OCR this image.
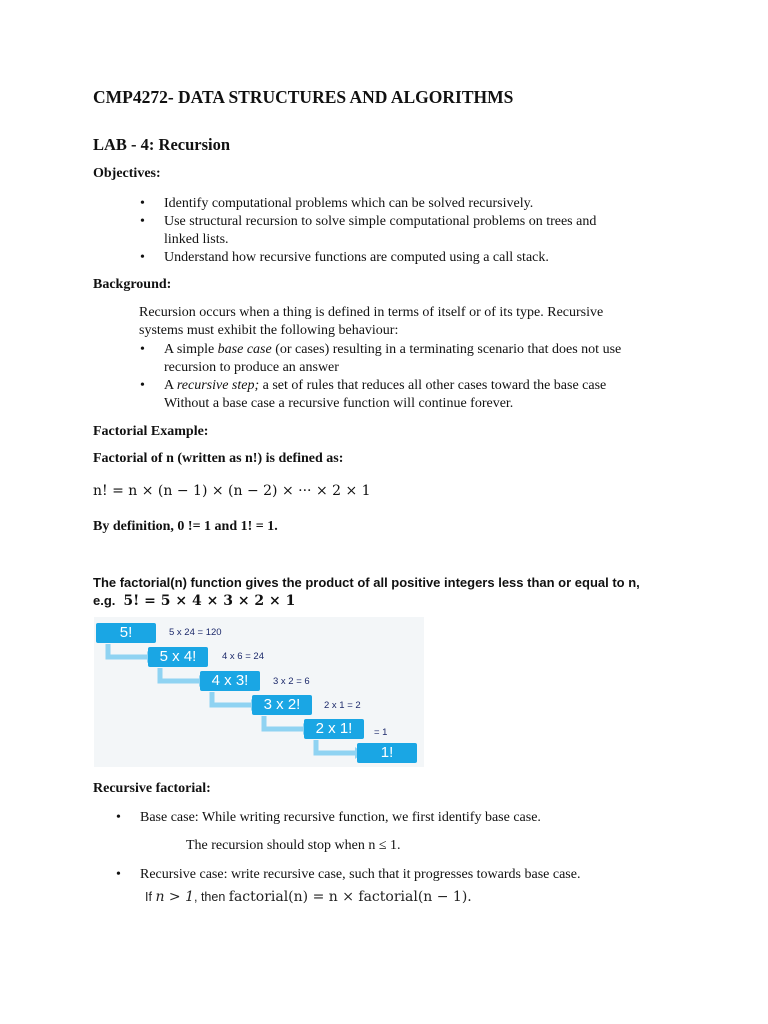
CMP4272- DATA STRUCTURES AND ALGORITHMS
LAB - 4: Recursion
Objectives:
• Identify computational problems which can be solved recursively.
• Use structural recursion to solve simple computational problems on trees and
linked lists.
• Understand how recursive functions are computed using a call stack.
Background:
Recursion occurs when a thing is defined in terms of itself or of its type. Recursive
systems must exhibit the following behaviour:
• A simple base case (or cases) resulting in a terminating scenario that does not use
recursion to produce an answer
• A recursive step; a set of rules that reduces all other cases toward the base case
Without a base case a recursive function will continue forever.
Factorial Example:
Factorial of n (written as n!) is defined as:
n! = n × (n − 1) × (n − 2) × ··· × 2 × 1
By definition, 0 != 1 and 1! = 1.
The factorial(n) function gives the product of all positive integers less than or equal to n,
e.g. 5! = 5 × 4 × 3 × 2 × 1
5!
5 x 4!
4 x 3!
3 x 2!
2 x 1!
1!
5 x 24 = 120
4 x 6 = 24
3 x 2 = 6
2 x 1 = 2
= 1
Recursive factorial:
• Base case: While writing recursive function, we first identify base case.
The recursion should stop when n ≤ 1.
• Recursive case: write recursive case, such that it progresses towards base case.
If n > 1, then factorial(n) = n × factorial(n − 1).
